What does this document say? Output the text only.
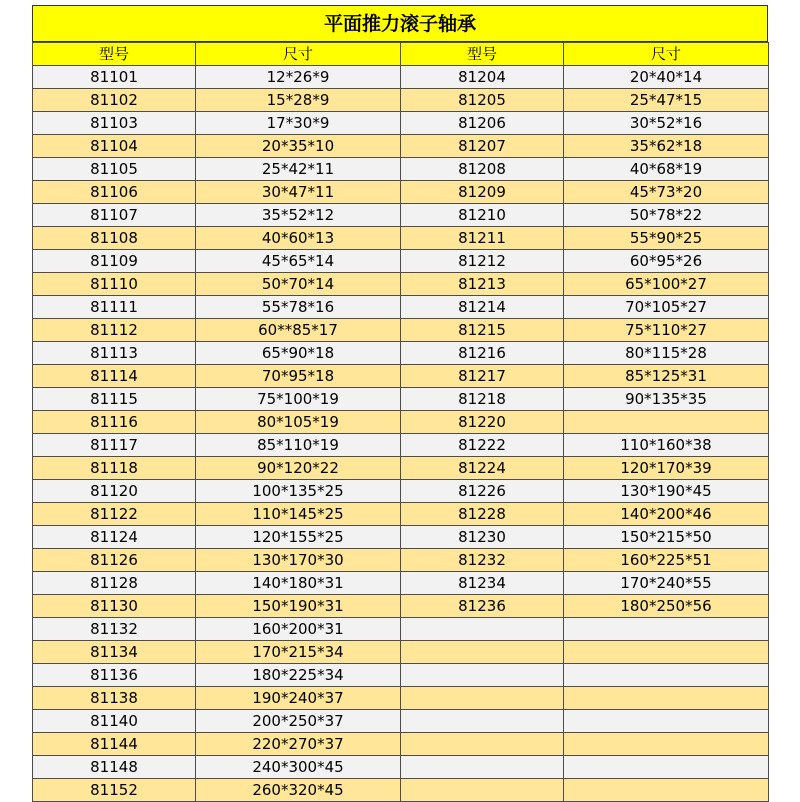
平面推力滚子轴承
型号	尺寸	型号	尺寸
81101	12*26*9	81204	20*40*14
81102	15*28*9	81205	25*47*15
81103	17*30*9	81206	30*52*16
81104	20*35*10	81207	35*62*18
81105	25*42*11	81208	40*68*19
81106	30*47*11	81209	45*73*20
81107	35*52*12	81210	50*78*22
81108	40*60*13	81211	55*90*25
81109	45*65*14	81212	60*95*26
81110	50*70*14	81213	65*100*27
81111	55*78*16	81214	70*105*27
81112	60**85*17	81215	75*110*27
81113	65*90*18	81216	80*115*28
81114	70*95*18	81217	85*125*31
81115	75*100*19	81218	90*135*35
81116	80*105*19	81220	
81117	85*110*19	81222	110*160*38
81118	90*120*22	81224	120*170*39
81120	100*135*25	81226	130*190*45
81122	110*145*25	81228	140*200*46
81124	120*155*25	81230	150*215*50
81126	130*170*30	81232	160*225*51
81128	140*180*31	81234	170*240*55
81130	150*190*31	81236	180*250*56
81132	160*200*31		
81134	170*215*34		
81136	180*225*34		
81138	190*240*37		
81140	200*250*37		
81144	220*270*37		
81148	240*300*45		
81152	260*320*45		
